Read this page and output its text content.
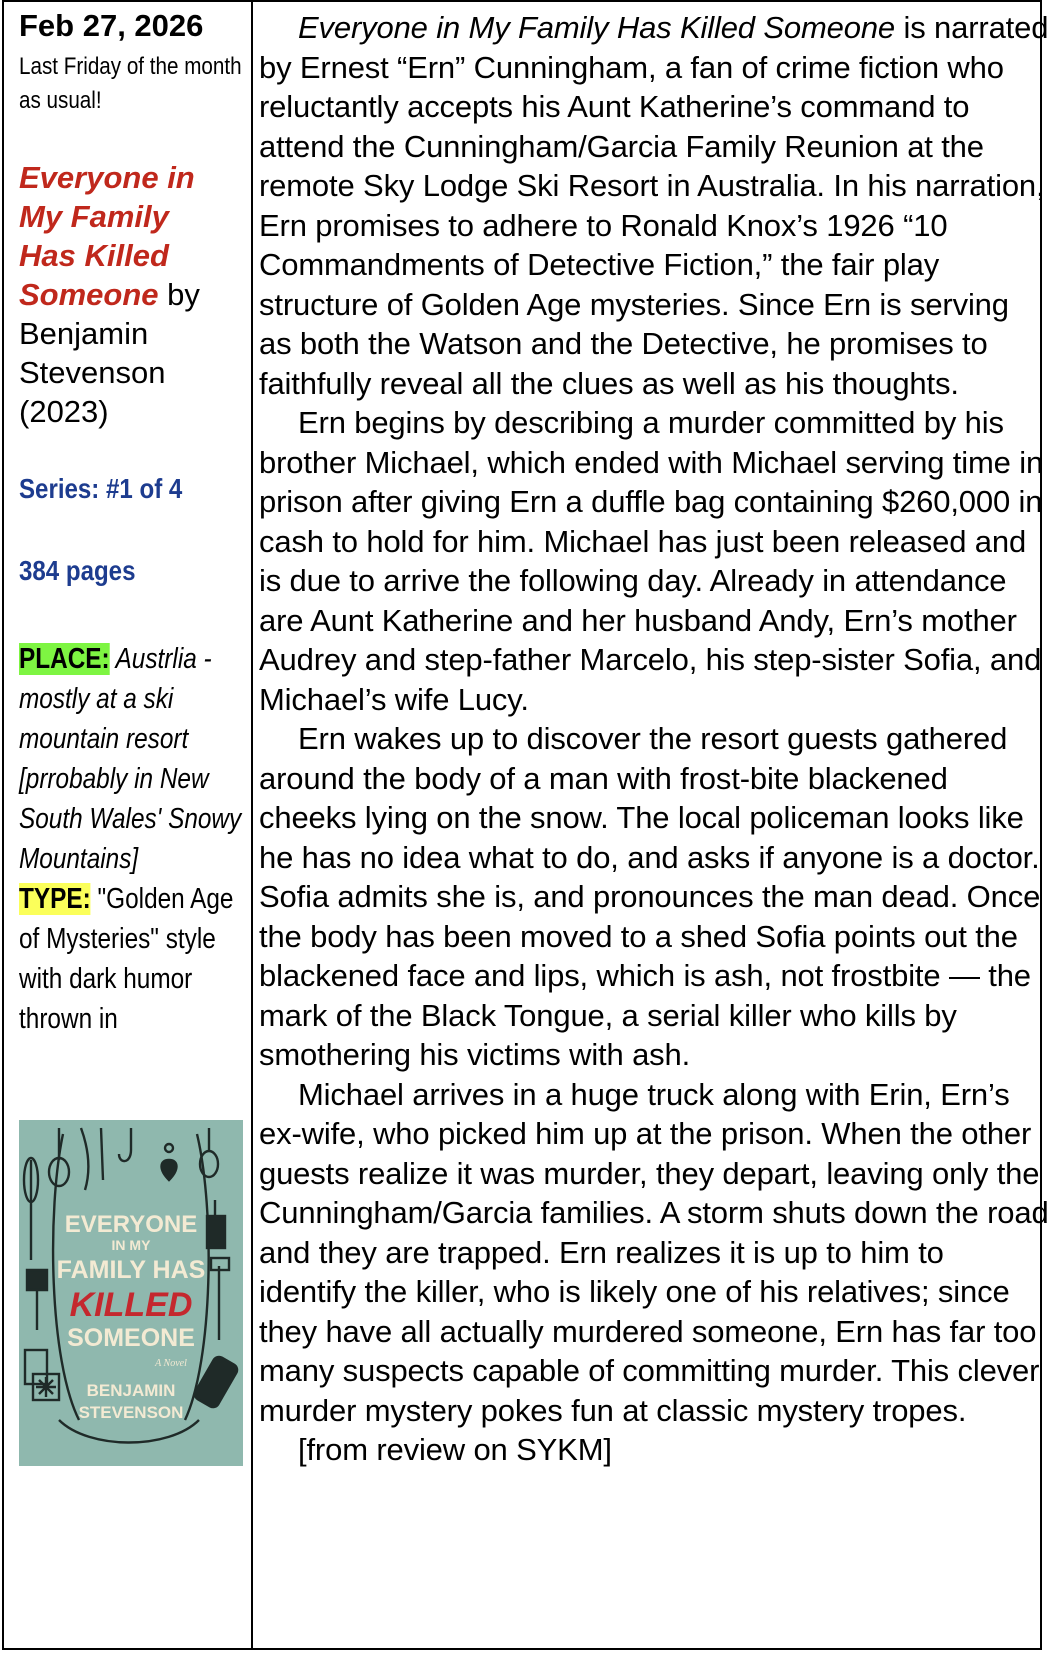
Feb 27, 2026
Last Friday of the month as usual!
Everyone in
My Family
Has Killed
Someone by
Benjamin
Stevenson
(2023)
Series: #1 of 4
384 pages
PLACE: Austrlia - mostly at a ski mountain resort [prrobably in New South Wales' Snowy Mountains]
TYPE: "Golden Age of Mysteries" style with dark humor thrown in
EVERYONE
IN MY
FAMILY HAS
KILLED
SOMEONE
A Novel
BENJAMIN
STEVENSON

Everyone in My Family Has Killed Someone is narrated by Ernest “Ern” Cunningham, a fan of crime fiction who reluctantly accepts his Aunt Katherine’s command to attend the Cunningham/Garcia Family Reunion at the remote Sky Lodge Ski Resort in Australia. In his narration, Ern promises to adhere to Ronald Knox’s 1926 “10 Commandments of Detective Fiction,” the fair play structure of Golden Age mysteries. Since Ern is serving as both the Watson and the Detective, he promises to faithfully reveal all the clues as well as his thoughts.

Ern begins by describing a murder committed by his brother Michael, which ended with Michael serving time in prison after giving Ern a duffle bag containing $260,000 in cash to hold for him. Michael has just been released and is due to arrive the following day. Already in attendance are Aunt Katherine and her husband Andy, Ern’s mother Audrey and step-father Marcelo, his step-sister Sofia, and Michael’s wife Lucy.

Ern wakes up to discover the resort guests gathered around the body of a man with frost-bite blackened cheeks lying on the snow. The local policeman looks like he has no idea what to do, and asks if anyone is a doctor. Sofia admits she is, and pronounces the man dead. Once the body has been moved to a shed Sofia points out the blackened face and lips, which is ash, not frostbite — the mark of the Black Tongue, a serial killer who kills by smothering his victims with ash.

Michael arrives in a huge truck along with Erin, Ern’s ex-wife, who picked him up at the prison. When the other guests realize it was murder, they depart, leaving only the Cunningham/Garcia families. A storm shuts down the road and they are trapped. Ern realizes it is up to him to identify the killer, who is likely one of his relatives; since they have all actually murdered someone, Ern has far too many suspects capable of committing murder. This clever murder mystery pokes fun at classic mystery tropes.

[from review on SYKM]
